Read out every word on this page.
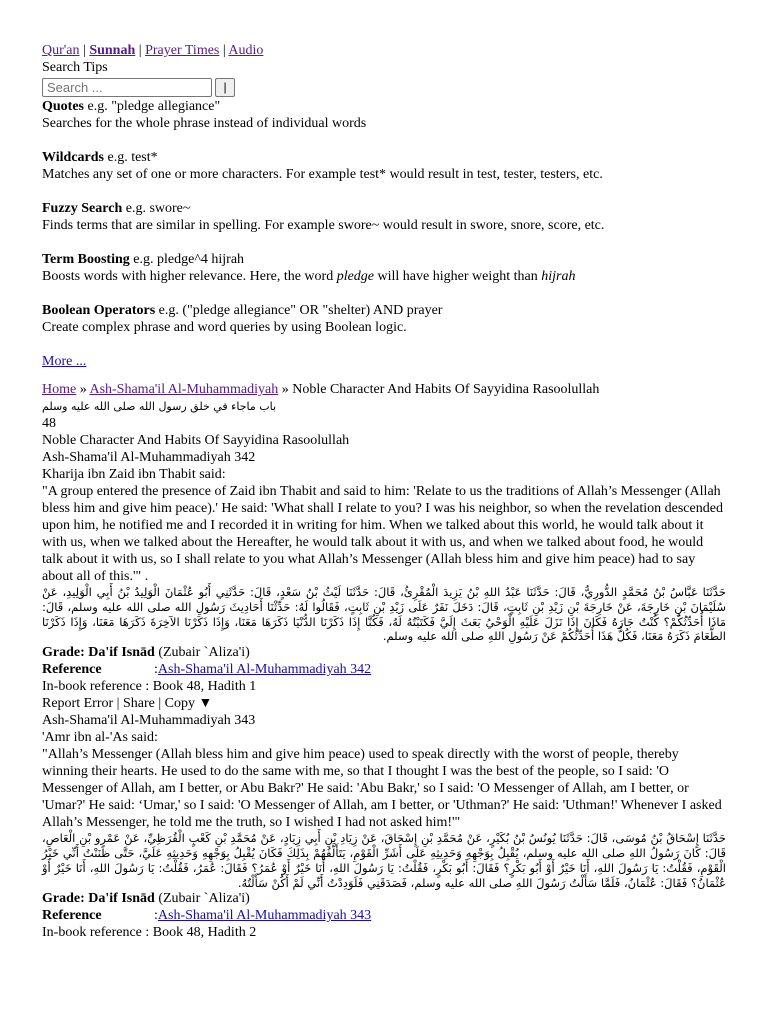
Qur'an | Sunnah | Prayer Times | Audio
Search Tips
Search ...
|
Quotes e.g. "pledge allegiance"
Searches for the whole phrase instead of individual words
Wildcards e.g. test*
Matches any set of one or more characters. For example test* would result in test, tester, testers, etc.
Fuzzy Search e.g. swore~
Finds terms that are similar in spelling. For example swore~ would result in swore, snore, score, etc.
Term Boosting e.g. pledge^4 hijrah
Boosts words with higher relevance. Here, the word pledge will have higher weight than hijrah
Boolean Operators e.g. ("pledge allegiance" OR "shelter) AND prayer
Create complex phrase and word queries by using Boolean logic.
More ...
Home » Ash-Shama'il Al-Muhammadiyah » Noble Character And Habits Of Sayyidina Rasoolullah
باب ماجاء في خلق رسول الله صلى الله عليه وسلم
48
Noble Character And Habits Of Sayyidina Rasoolullah
Ash-Shama'il Al-Muhammadiyah 342
Kharija ibn Zaid ibn Thabit said:
"A group entered the presence of Zaid ibn Thabit and said to him: 'Relate to us the traditions of Allah’s Messenger (Allah bless him and give him peace).' He said: 'What shall I relate to you? I was his neighbor, so when the revelation descended upon him, he notified me and I recorded it in writing for him. When we talked about this world, he would talk about it with us, when we talked about the Hereafter, he would talk about it with us, and when we talked about food, he would talk about it with us, so I shall relate to you what Allah’s Messenger (Allah bless him and give him peace) had to say about all of this.'" .
حَدَّثَنَا عَبَّاسُ بْنُ مُحَمَّدٍ الدُّورِيُّ، قَالَ: حَدَّثَنَا عَبْدُ اللهِ بْنُ يَزِيدَ الْمُقْرِئُ، قَالَ: حَدَّثَنَا لَيْثُ بْنُ سَعْدٍ، قَالَ: حَدَّثَنِي أَبُو عُثْمَانَ الْوَلِيدُ بْنُ أَبِي الْوَلِيدِ، عَنْ سُلَيْمَانَ بْنِ خَارِجَةَ، عَنْ خَارِجَةَ بْنِ زَيْدِ بْنِ ثَابِتٍ، قَالَ: دَخَلَ نَفَرٌ عَلَى زَيْدِ بْنِ ثَابِتٍ، فَقَالُوا لَهُ: حَدِّثْنَا أَحَادِيثَ رَسُولِ الله صلى الله عليه وسلم، قَالَ: مَاذَا أُحَدِّثُكُمْ؟ كُنْتُ جَارَهُ فَكَانَ إِذَا نَزَلَ عَلَيْهِ الْوَحْيُ بَعَثَ إِلَيَّ فَكَتَبْتُهُ لَهُ، فَكُنَّا إِذَا ذَكَرْنَا الدُّنْيَا ذَكَرَهَا مَعَنَا، وَإِذَا ذَكَرْنَا الآخِرَةَ ذَكَرَهَا مَعَنَا، وَإِذَا ذَكَرْنَا الطَّعَامَ ذَكَرَهُ مَعَنَا، فَكُلُّ هَذَا أُحَدِّثُكُمْ عَنْ رَسُولِ اللهِ صلى الله عليه وسلم.
Grade: Da'if Isnād (Zubair `Aliza'i)
Reference	: Ash-Shama'il Al-Muhammadiyah 342
In-book reference : Book 48, Hadith 1
Report Error | Share | Copy ▼
Ash-Shama'il Al-Muhammadiyah 343
'Amr ibn al-'As said:
"Allah’s Messenger (Allah bless him and give him peace) used to speak directly with the worst of people, thereby winning their hearts. He used to do the same with me, so that I thought I was the best of the people, so I said: 'O Messenger of Allah, am I better, or Abu Bakr?' He said: 'Abu Bakr,' so I said: 'O Messenger of Allah, am I better, or 'Umar?' He said: ‘Umar,' so I said: 'O Messenger of Allah, am I better, or 'Uthman?' He said: 'Uthman!' Whenever I asked Allah’s Messenger, he told me the truth, so I wished I had not asked him!'"
حَدَّثَنَا إِسْحَاقُ بْنُ مُوسَى، قَالَ: حَدَّثَنَا يُونُسُ بْنُ بُكَيْرٍ، عَنْ مُحَمَّدِ بْنِ إِسْحَاقَ، عَنْ زِيَادِ بْنِ أَبِي زِيَادٍ، عَنْ مُحَمَّدِ بْنِ كَعْبٍ الْقُرَظِيِّ، عَنْ عَمْرِو بْنِ الْعَاصِ، قَالَ: كَانَ رَسُولُ اللهِ صلى الله عليه وسلم، يُقْبِلُ بِوَجْهِهِ وَحَدِيثِهِ عَلَى أَشَرِّ الْقَوْمِ، يَتَأَلَّفُهُمْ بِذَلِكَ فَكَانَ يُقْبِلُ بِوَجْهِهِ وَحَدِيثِهِ عَلَيَّ، حَتَّى ظَنَنْتُ أَنِّي خَيْرُ الْقَوْمِ، فَقُلْتُ: يَا رَسُولَ اللهِ، أَنَا خَيْرٌ أَوْ أَبُو بَكْرٍ؟ فَقَالَ: أَبُو بَكْرٍ، فَقُلْتُ: يَا رَسُولَ اللهِ، أَنَا خَيْرٌ أَوْ عُمَرُ؟ فَقَالَ: عُمَرُ، فَقُلْتُ: يَا رَسُولَ اللهِ، أَنَا خَيْرٌ أَوْ عُثْمَانُ؟ فَقَالَ: عُثْمَانُ، فَلَمَّا سَأَلْتُ رَسُولَ اللهِ صلى الله عليه وسلم، فَصَدَقَنِي فَلَوَدِدْتُ أَنِّي لَمْ أَكُنْ سَأَلْتُهُ.
Grade: Da'if Isnād (Zubair `Aliza'i)
Reference	: Ash-Shama'il Al-Muhammadiyah 343
In-book reference : Book 48, Hadith 2
